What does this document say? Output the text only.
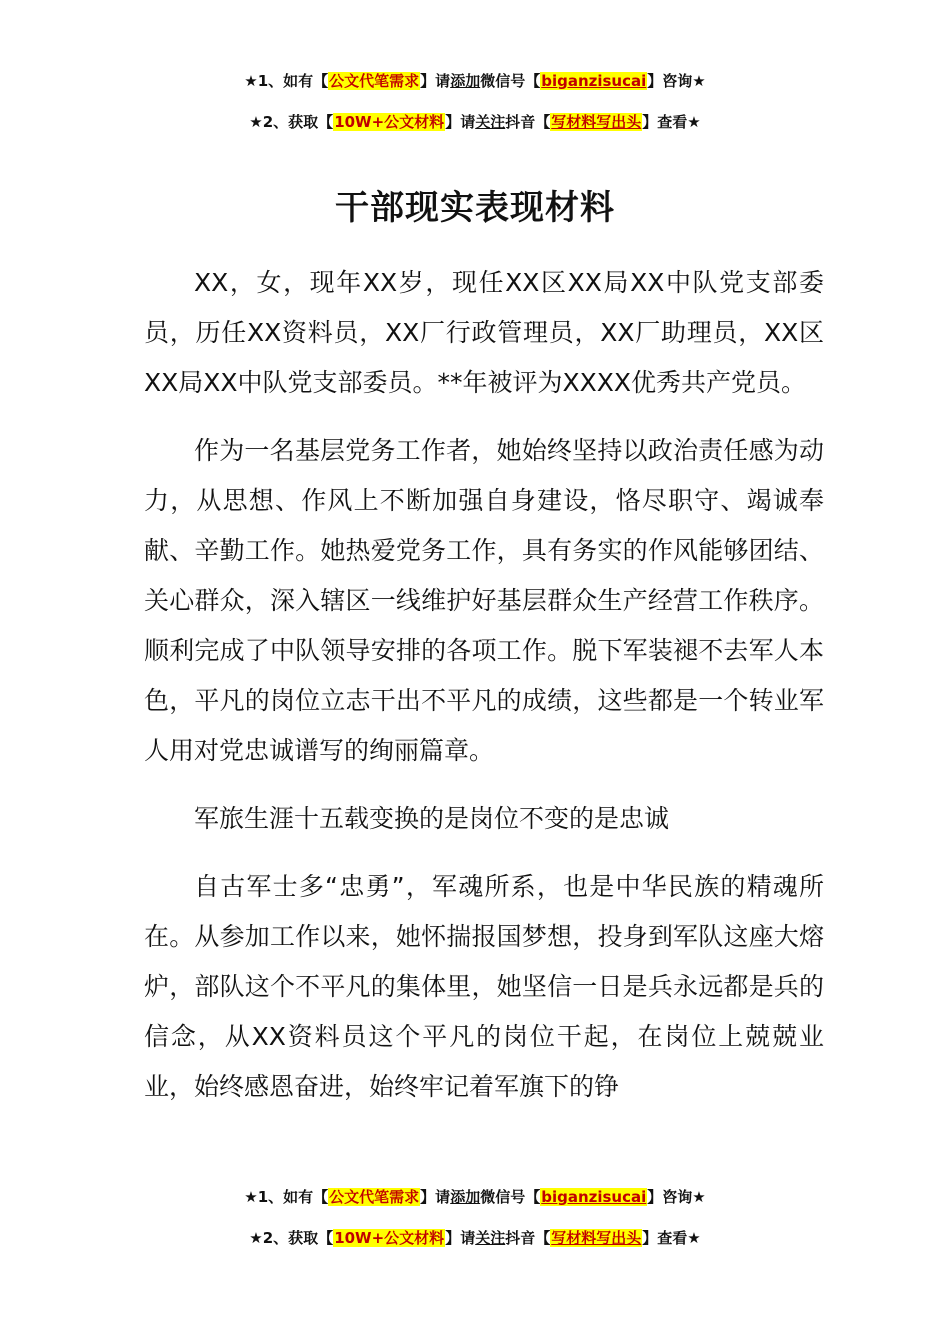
★1、如有【公文代笔需求】请添加微信号【biganzisucai】咨询★
★2、获取【10W+公文材料】请关注抖音【写材料写出头】查看★
干部现实表现材料

XX，女，现年XX岁，现任XX区XX局XX中队党支部委员，历任XX资料员，XX厂行政管理员，XX厂助理员，XX区XX局XX中队党支部委员。**年被评为XXXX优秀共产党员。

作为一名基层党务工作者，她始终坚持以政治责任感为动力，从思想、作风上不断加强自身建设，恪尽职守、竭诚奉献、辛勤工作。她热爱党务工作，具有务实的作风能够团结、关心群众，深入辖区一线维护好基层群众生产经营工作秩序。顺利完成了中队领导安排的各项工作。脱下军装褪不去军人本色，平凡的岗位立志干出不平凡的成绩，这些都是一个转业军人用对党忠诚谱写的绚丽篇章。

军旅生涯十五载变换的是岗位不变的是忠诚

自古军士多“忠勇”，军魂所系，也是中华民族的精魂所在。从参加工作以来，她怀揣报国梦想，投身到军队这座大熔炉，部队这个不平凡的集体里，她坚信一日是兵永远都是兵的信念，从XX资料员这个平凡的岗位干起，在岗位上兢兢业业，始终感恩奋进，始终牢记着军旗下的铮

★1、如有【公文代笔需求】请添加微信号【biganzisucai】咨询★
★2、获取【10W+公文材料】请关注抖音【写材料写出头】查看★
